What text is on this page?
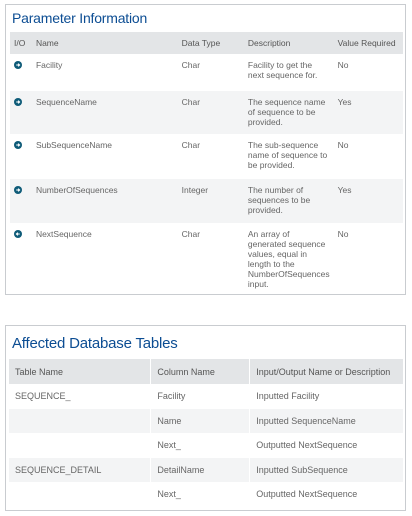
Parameter Information
I/O	Name	Data Type	Description	Value Required

	Facility	Char	Facility to get the next sequence for.	No

	SequenceName	Char	The sequence name of sequence to be provided.	Yes

	SubSequenceName	Char	The sub-sequence name of sequence to be provided.	No

	NumberOfSequences	Integer	The number of sequences to be provided.	Yes

	NextSequence	Char	An array of generated sequence values, equal in length to the NumberOfSequences input.	No
Affected Database Tables
Table Name	Column Name	Input/Output Name or Description
SEQUENCE_	Facility	Inputted Facility
	Name	Inputted SequenceName
	Next_	Outputted NextSequence
SEQUENCE_DETAIL	DetailName	Inputted SubSequence
	Next_	Outputted NextSequence
